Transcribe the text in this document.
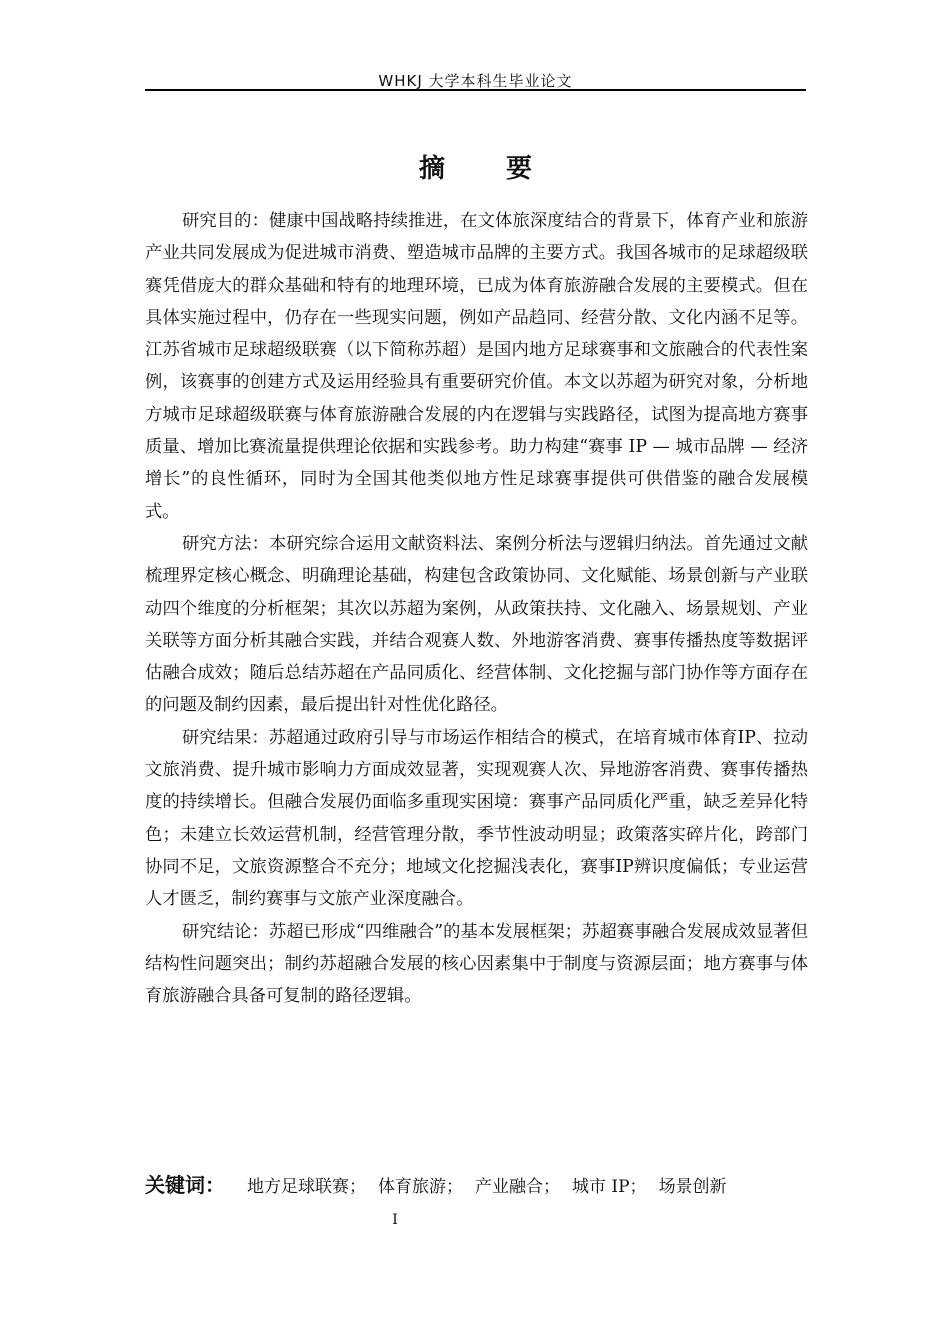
WHKJ 大学本科生毕业论文
摘 要

研究目的：健康中国战略持续推进，在文体旅深度结合的背景下，体育产业和旅游产业共同发展成为促进城市消费、塑造城市品牌的主要方式。我国各城市的足球超级联赛凭借庞大的群众基础和特有的地理环境，已成为体育旅游融合发展的主要模式。但在具体实施过程中，仍存在一些现实问题，例如产品趋同、经营分散、文化内涵不足等。江苏省城市足球超级联赛（以下简称苏超）是国内地方足球赛事和文旅融合的代表性案例，该赛事的创建方式及运用经验具有重要研究价值。本文以苏超为研究对象，分析地方城市足球超级联赛与体育旅游融合发展的内在逻辑与实践路径，试图为提高地方赛事质量、增加比赛流量提供理论依据和实践参考。助力构建“赛事 IP — 城市品牌 — 经济增长”的良性循环，同时为全国其他类似地方性足球赛事提供可供借鉴的融合发展模式。

研究方法：本研究综合运用文献资料法、案例分析法与逻辑归纳法。首先通过文献梳理界定核心概念、明确理论基础，构建包含政策协同、文化赋能、场景创新与产业联动四个维度的分析框架；其次以苏超为案例，从政策扶持、文化融入、场景规划、产业关联等方面分析其融合实践，并结合观赛人数、外地游客消费、赛事传播热度等数据评估融合成效；随后总结苏超在产品同质化、经营体制、文化挖掘与部门协作等方面存在的问题及制约因素，最后提出针对性优化路径。

研究结果：苏超通过政府引导与市场运作相结合的模式，在培育城市体育IP、拉动文旅消费、提升城市影响力方面成效显著，实现观赛人次、异地游客消费、赛事传播热度的持续增长。但融合发展仍面临多重现实困境：赛事产品同质化严重，缺乏差异化特色；未建立长效运营机制，经营管理分散，季节性波动明显；政策落实碎片化，跨部门协同不足，文旅资源整合不充分；地域文化挖掘浅表化，赛事IP辨识度偏低；专业运营人才匮乏，制约赛事与文旅产业深度融合。

研究结论：苏超已形成“四维融合”的基本发展框架；苏超赛事融合发展成效显著但结构性问题突出；制约苏超融合发展的核心因素集中于制度与资源层面；地方赛事与体育旅游融合具备可复制的路径逻辑。

关键词： 地方足球联赛； 体育旅游； 产业融合； 城市 IP； 场景创新
I
